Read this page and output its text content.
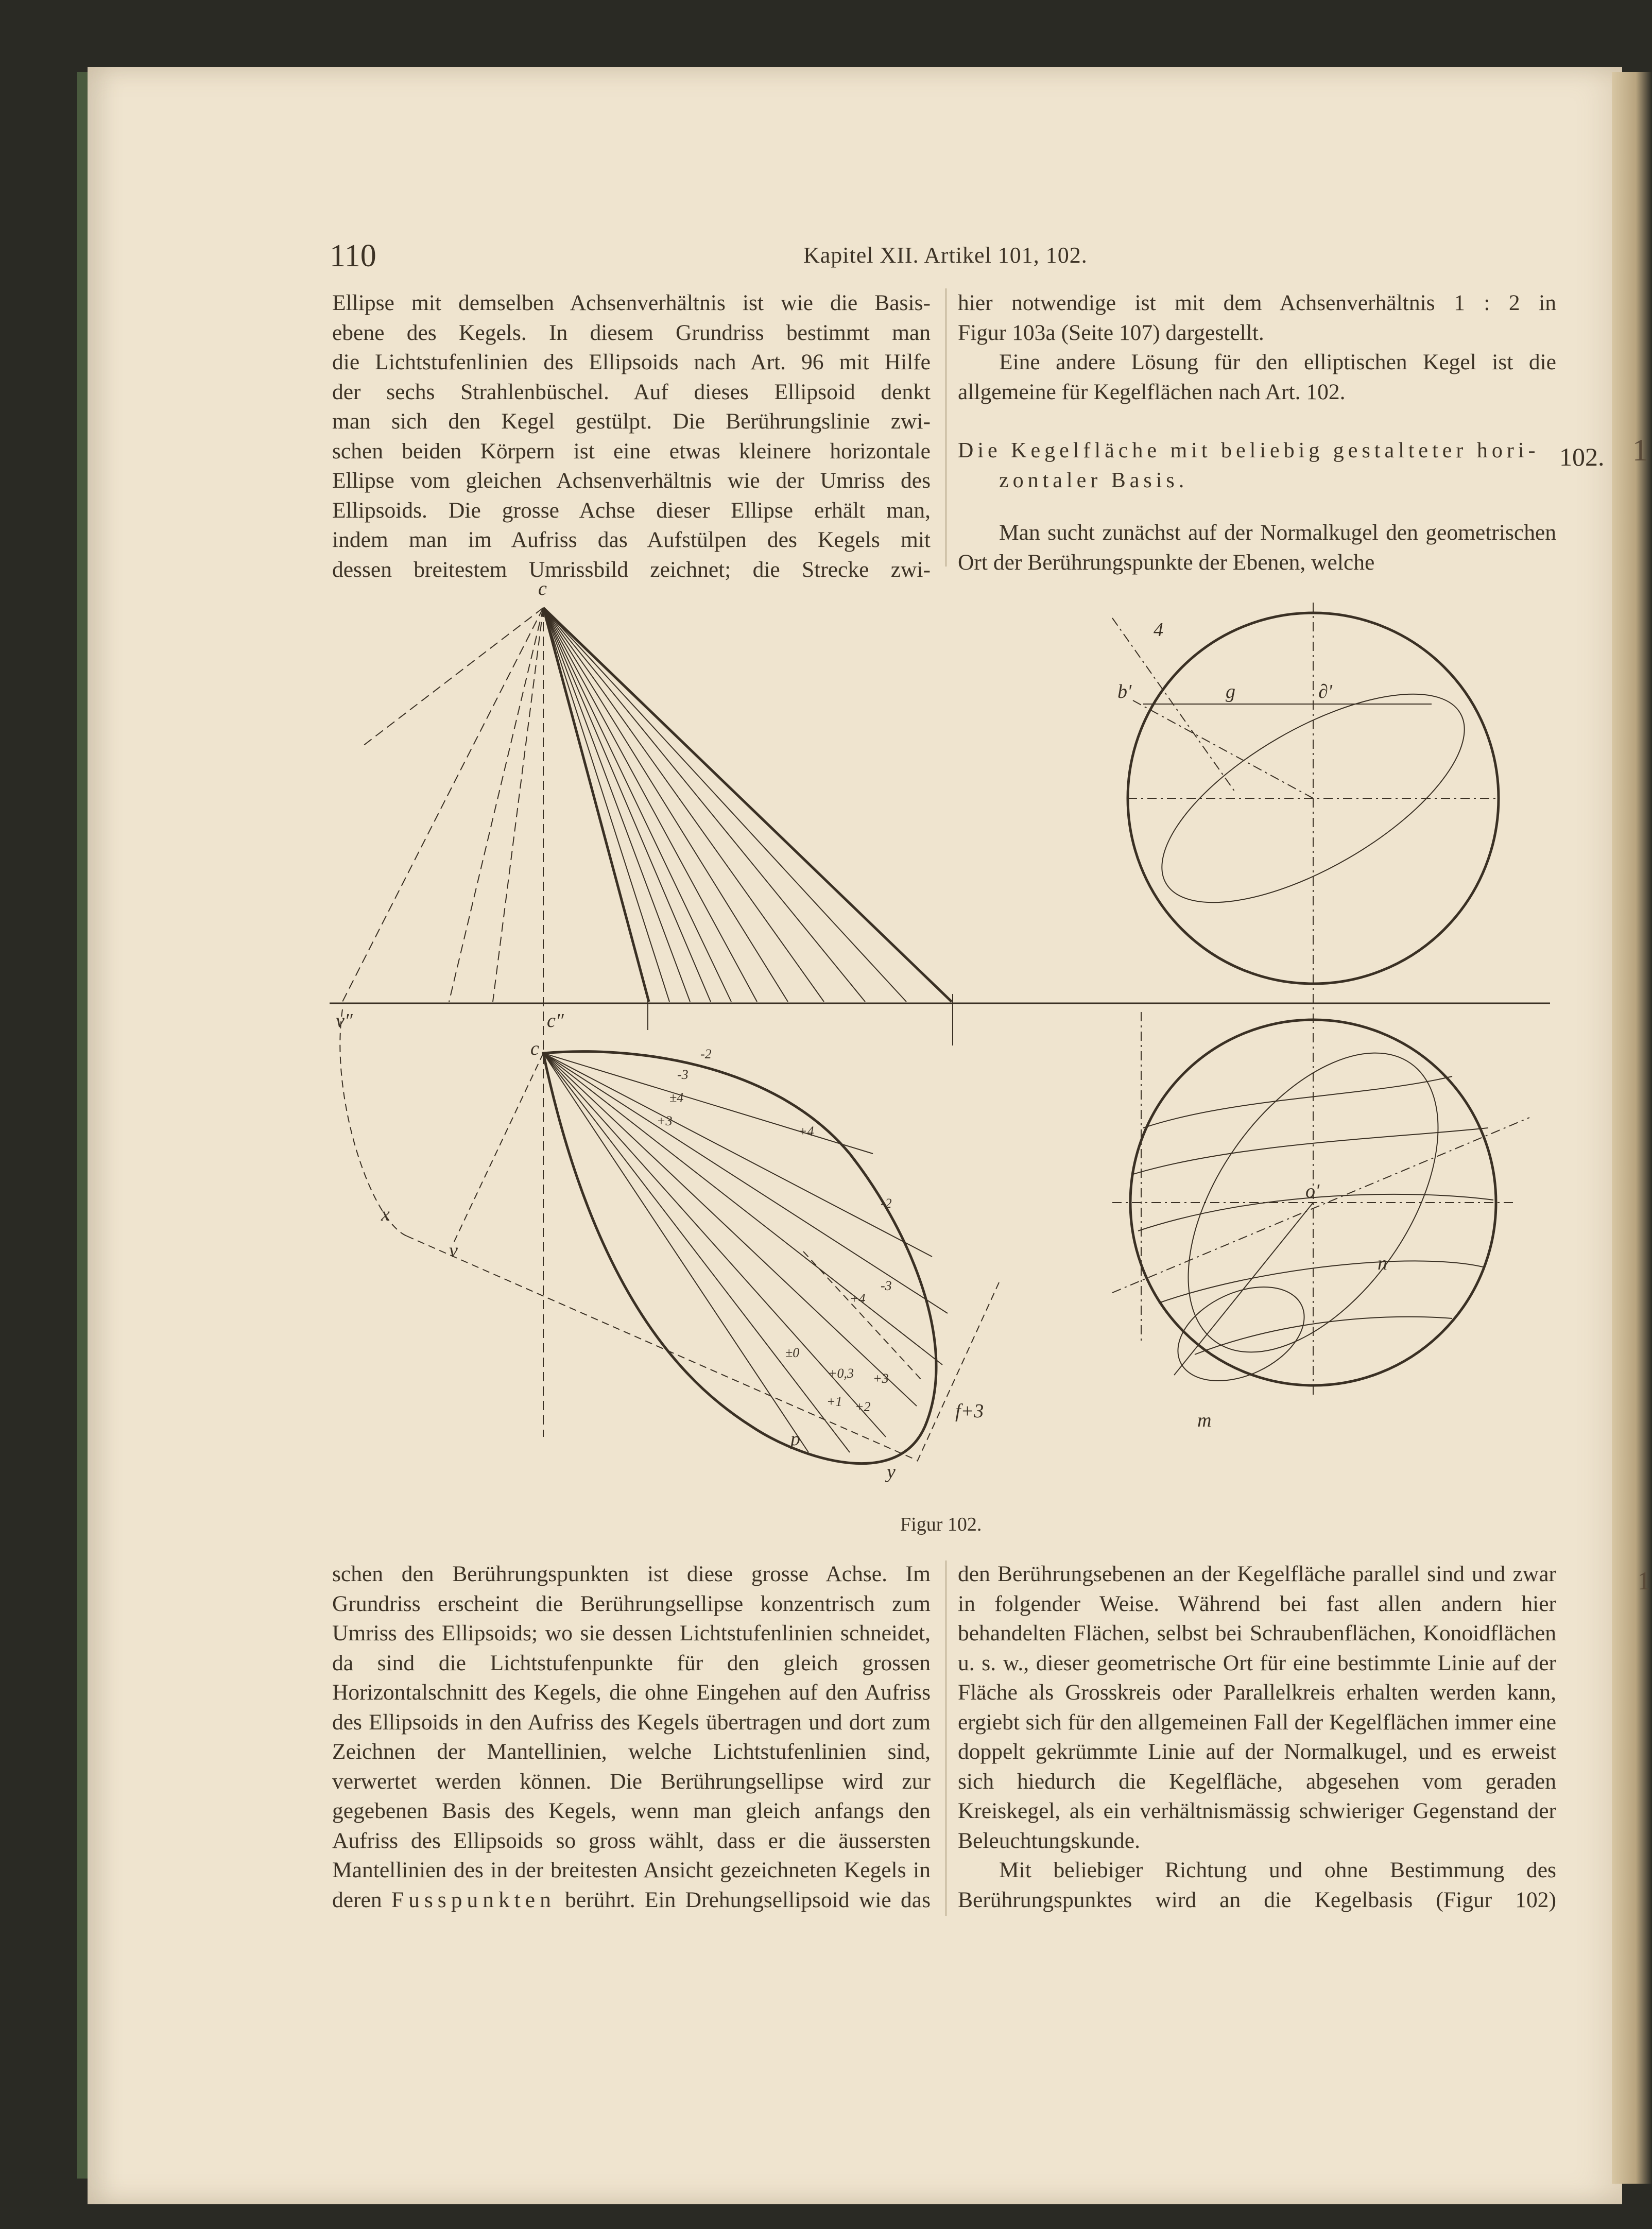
1
110	Kapitel XII. Artikel 101, 102.
Ellipse mit demselben Achsenverhältnis ist wie die Basis-
ebene des Kegels. In diesem Grundriss bestimmt man
die Lichtstufenlinien des Ellipsoids nach Art. 96 mit Hilfe
der sechs Strahlenbüschel. Auf dieses Ellipsoid denkt
man sich den Kegel gestülpt. Die Berührungslinie zwi-
schen beiden Körpern ist eine etwas kleinere horizontale
Ellipse vom gleichen Achsenverhältnis wie der Umriss des
Ellipsoids. Die grosse Achse dieser Ellipse erhält man,
indem man im Aufriss das Aufstülpen des Kegels mit
dessen breitestem Umrissbild zeichnet; die Strecke zwi-
hier notwendige ist mit dem Achsenverhältnis 1 : 2 in
Figur 103a (Seite 107) dargestellt.

Eine andere Lösung für den elliptischen Kegel ist die allgemeine für Kegelflächen nach Art. 102.

Die Kegelfläche mit beliebig gestalteter hori-
zontaler Basis.

Man sucht zunächst auf der Normalkugel den geometrischen Ort der Berührungspunkte der Ebenen, welche

102.
c
v″	c″
c
x
v
p
y
f+3
b'	g	∂'
4
m
n
o'
-2
-3
±4
+3
+4
-2
-3
+4
+3
+2
+1
±0
+0,3
Figur 102.

schen den Berührungspunkten ist diese grosse Achse. Im Grundriss erscheint die Berührungsellipse konzentrisch zum Umriss des Ellipsoids; wo sie dessen Lichtstufenlinien schneidet, da sind die Lichtstufenpunkte für den gleich grossen Horizontalschnitt des Kegels, die ohne Eingehen auf den Aufriss des Ellipsoids in den Aufriss des Kegels übertragen und dort zum Zeichnen der Mantellinien, welche Lichtstufenlinien sind, verwertet werden können. Die Berührungsellipse wird zur gegebenen Basis des Kegels, wenn man gleich anfangs den Aufriss des Ellipsoids so gross wählt, dass er die äussersten Mantellinien des in der breitesten Ansicht gezeichneten Kegels in deren Fusspunkten berührt. Ein Drehungsellipsoid wie das

den Berührungsebenen an der Kegelfläche parallel sind und zwar in folgender Weise. Während bei fast allen andern hier behandelten Flächen, selbst bei Schraubenflächen, Konoidflächen u. s. w., dieser geometrische Ort für eine bestimmte Linie auf der Fläche als Grosskreis oder Parallelkreis erhalten werden kann, ergiebt sich für den allgemeinen Fall der Kegelflächen immer eine doppelt gekrümmte Linie auf der Normalkugel, und es erweist sich hiedurch die Kegelfläche, abgesehen vom geraden Kreiskegel, als ein verhältnismässig schwieriger Gegenstand der Beleuchtungskunde.

Mit beliebiger Richtung und ohne Bestimmung des Berührungspunktes wird an die Kegelbasis (Figur 102)

1
